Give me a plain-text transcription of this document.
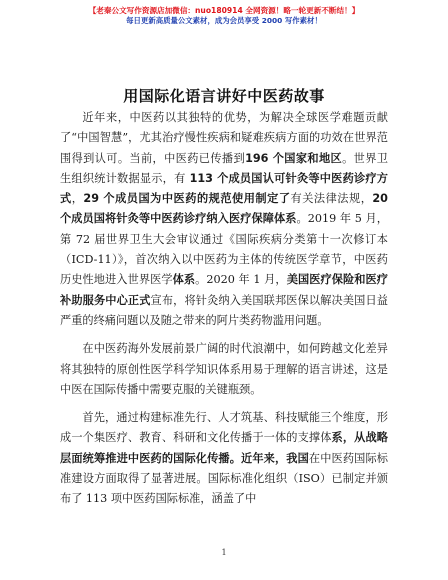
【老秦公文写作资源店加微信：nuo180914 全网资源！略一轮更新不断结！】
每日更新高质量公文素材，成为会员享受 2000 写作素材！
用国际化语言讲好中医药故事

近年来，中医药以其独特的优势，为解决全球医学难题贡献了“中国智慧”，尤其治疗慢性疾病和疑难疾病方面的功效在世界范围得到认可。当前，中医药已传播到196 个国家和地区。世界卫生组织统计数据显示，有 113 个成员国认可针灸等中医药诊疗方式，29 个成员国为中医药的规范使用制定了有关法律法规，20 个成员国将针灸等中医药诊疗纳入医疗保障体系。2019 年 5 月，第 72 届世界卫生大会审议通过《国际疾病分类第十一次修订本（ICD-11）》，首次纳入以中医药为主体的传统医学章节，中医药历史性地进入世界医学体系。2020 年 1 月，美国医疗保险和医疗补助服务中心正式宣布，将针灸纳入美国联邦医保以解决美国日益严重的终痛问题以及随之带来的阿片类药物滥用问题。

在中医药海外发展前景广阔的时代浪潮中，如何跨越文化差异将其独特的原创性医学科学知识体系用易于理解的语言讲述，这是中医在国际传播中需要克服的关键瓶颈。

首先，通过构建标准先行、人才筑基、科技赋能三个维度，形成一个集医疗、教育、科研和文化传播于一体的支撑体系，从战略层面统筹推进中医药的国际化传播。近年来，我国在中医药国际标准建设方面取得了显著进展。国际标准化组织（ISO）已制定并颁布了 113 项中医药国际标准，涵盖了中

1
